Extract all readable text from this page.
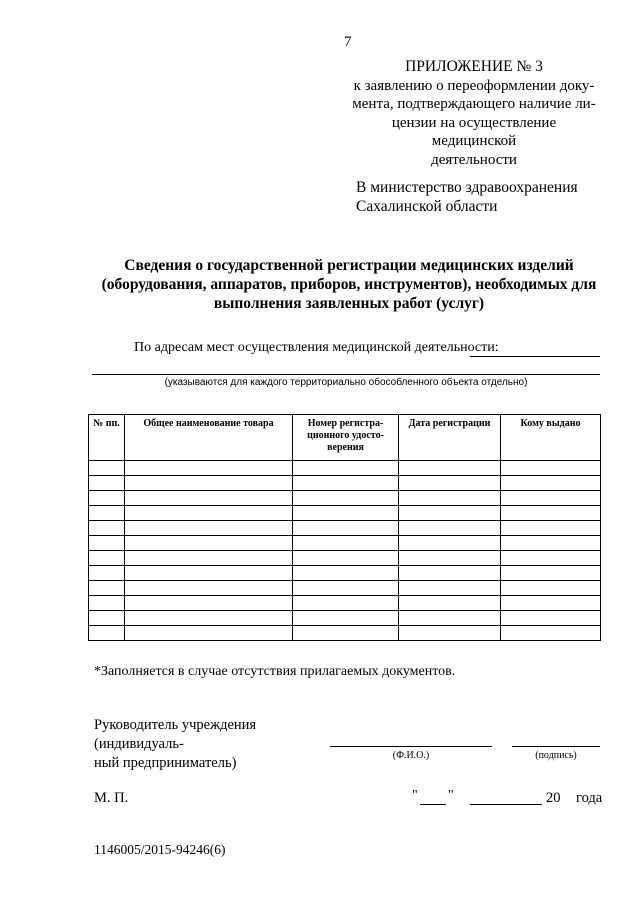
7
ПРИЛОЖЕНИЕ № 3
к заявлению о переоформлении доку-
мента, подтверждающего наличие ли-
цензии на осуществление медицинской
деятельности
В министерство здравоохранения
Сахалинской области
Сведения о государственной регистрации медицинских изделий
(оборудования, аппаратов, приборов, инструментов), необходимых для
выполнения заявленных работ (услуг)
По адресам мест осуществления медицинской деятельности:
(указываются для каждого территориально обособленного объекта отдельно)
№ пп.	Общее наименование товара	Номер регистра-ционного удосто-верения	Дата регистрации	Кому выдано

*Заполняется в случае отсутствия прилагаемых документов.
Руководитель учреждения (индивидуаль-
ный предприниматель)	(Ф.И.О.)	(подпись)
М. П.	" "	20 года
1146005/2015-94246(6)
